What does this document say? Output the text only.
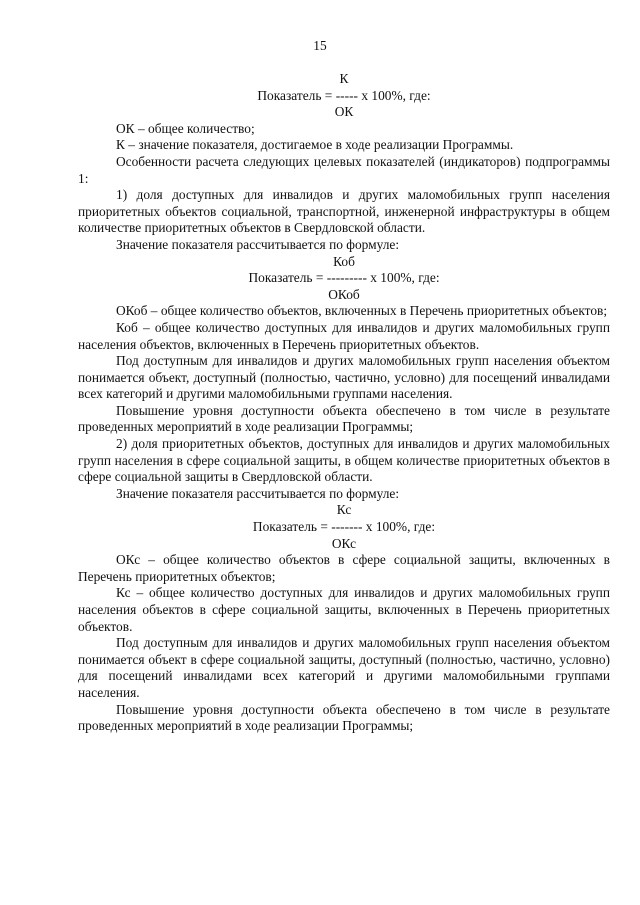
15
К
Показатель = ----- х 100%, где:
ОК

ОК – общее количество;

К – значение показателя, достигаемое в ходе реализации Программы.

Особенности расчета следующих целевых показателей (индикаторов) подпрограммы 1:

1) доля доступных для инвалидов и других маломобильных групп населения приоритетных объектов социальной, транспортной, инженерной инфраструктуры в общем количестве приоритетных объектов в Свердловской области.

Значение показателя рассчитывается по формуле:

Коб
Показатель = --------- х 100%, где:
ОКоб

ОКоб – общее количество объектов, включенных в Перечень приоритетных объектов;

Коб – общее количество доступных для инвалидов и других маломобильных групп населения объектов, включенных в Перечень приоритетных объектов.

Под доступным для инвалидов и других маломобильных групп населения объектом понимается объект, доступный (полностью, частично, условно) для посещений инвалидами всех категорий и другими маломобильными группами населения.

Повышение уровня доступности объекта обеспечено в том числе в результате проведенных мероприятий в ходе реализации Программы;

2) доля приоритетных объектов, доступных для инвалидов и других маломобильных групп населения в сфере социальной защиты, в общем количестве приоритетных объектов в сфере социальной защиты в Свердловской области.

Значение показателя рассчитывается по формуле:

Кс
Показатель = ------- х 100%, где:
ОКс

ОКс – общее количество объектов в сфере социальной защиты, включенных в Перечень приоритетных объектов;

Кс – общее количество доступных для инвалидов и других маломобильных групп населения объектов в сфере социальной защиты, включенных в Перечень приоритетных объектов.

Под доступным для инвалидов и других маломобильных групп населения объектом понимается объект в сфере социальной защиты, доступный (полностью, частично, условно) для посещений инвалидами всех категорий и другими маломобильными группами населения.

Повышение уровня доступности объекта обеспечено в том числе в результате проведенных мероприятий в ходе реализации Программы;
